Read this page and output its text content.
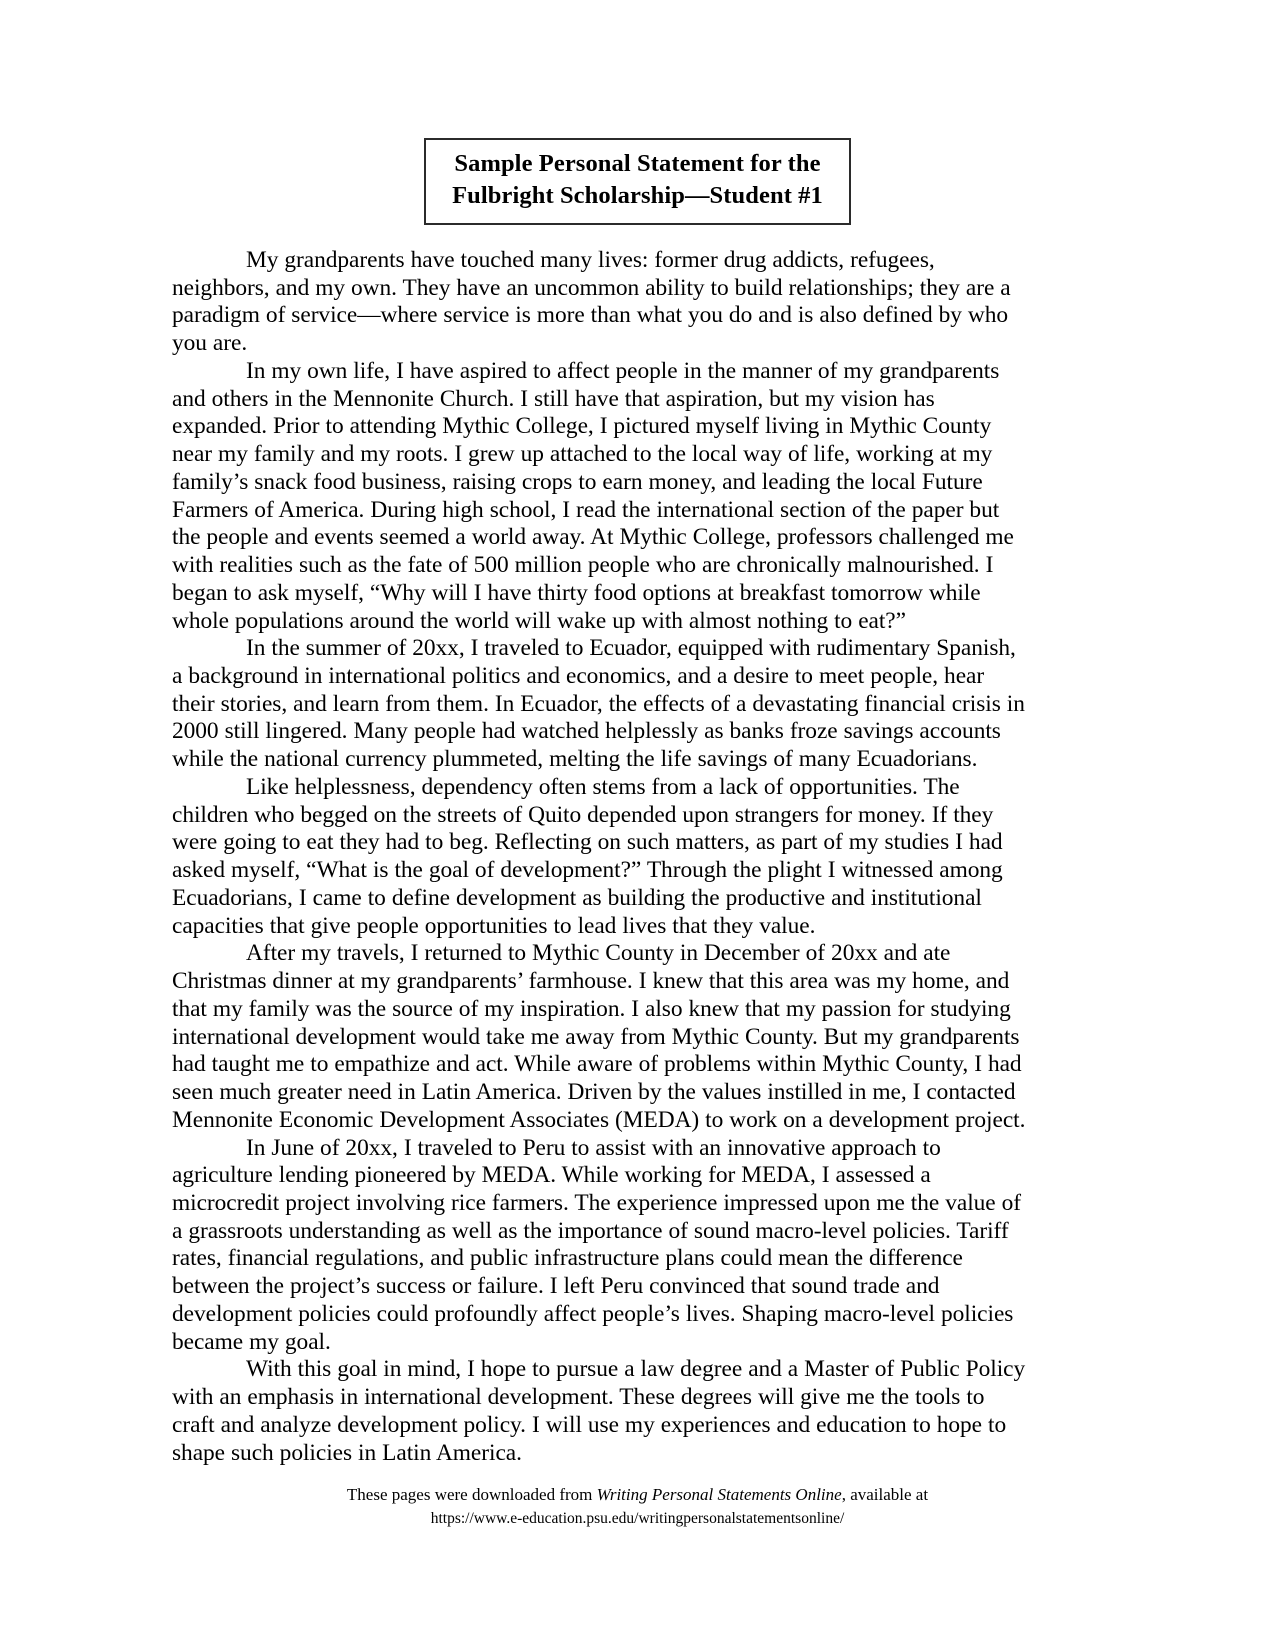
Sample Personal Statement for the
Fulbright Scholarship—Student #1

My grandparents have touched many lives: former drug addicts, refugees, neighbors, and my own. They have an uncommon ability to build relationships; they are a paradigm of service—where service is more than what you do and is also defined by who you are.

In my own life, I have aspired to affect people in the manner of my grandparents and others in the Mennonite Church. I still have that aspiration, but my vision has expanded. Prior to attending Mythic College, I pictured myself living in Mythic County near my family and my roots. I grew up attached to the local way of life, working at my family’s snack food business, raising crops to earn money, and leading the local Future Farmers of America. During high school, I read the international section of the paper but the people and events seemed a world away. At Mythic College, professors challenged me with realities such as the fate of 500 million people who are chronically malnourished. I began to ask myself, “Why will I have thirty food options at breakfast tomorrow while whole populations around the world will wake up with almost nothing to eat?”

In the summer of 20xx, I traveled to Ecuador, equipped with rudimentary Spanish, a background in international politics and economics, and a desire to meet people, hear their stories, and learn from them. In Ecuador, the effects of a devastating financial crisis in 2000 still lingered. Many people had watched helplessly as banks froze savings accounts while the national currency plummeted, melting the life savings of many Ecuadorians.

Like helplessness, dependency often stems from a lack of opportunities. The children who begged on the streets of Quito depended upon strangers for money. If they were going to eat they had to beg. Reflecting on such matters, as part of my studies I had asked myself, “What is the goal of development?” Through the plight I witnessed among Ecuadorians, I came to define development as building the productive and institutional capacities that give people opportunities to lead lives that they value.

After my travels, I returned to Mythic County in December of 20xx and ate Christmas dinner at my grandparents’ farmhouse. I knew that this area was my home, and that my family was the source of my inspiration. I also knew that my passion for studying international development would take me away from Mythic County. But my grandparents had taught me to empathize and act. While aware of problems within Mythic County, I had seen much greater need in Latin America. Driven by the values instilled in me, I contacted Mennonite Economic Development Associates (MEDA) to work on a development project.

In June of 20xx, I traveled to Peru to assist with an innovative approach to agriculture lending pioneered by MEDA. While working for MEDA, I assessed a microcredit project involving rice farmers. The experience impressed upon me the value of a grassroots understanding as well as the importance of sound macro-level policies. Tariff rates, financial regulations, and public infrastructure plans could mean the difference between the project’s success or failure. I left Peru convinced that sound trade and development policies could profoundly affect people’s lives. Shaping macro-level policies became my goal.

With this goal in mind, I hope to pursue a law degree and a Master of Public Policy with an emphasis in international development. These degrees will give me the tools to craft and analyze development policy. I will use my experiences and education to hope to shape such policies in Latin America.

These pages were downloaded from Writing Personal Statements Online, available at
https://www.e-education.psu.edu/writingpersonalstatementsonline/
